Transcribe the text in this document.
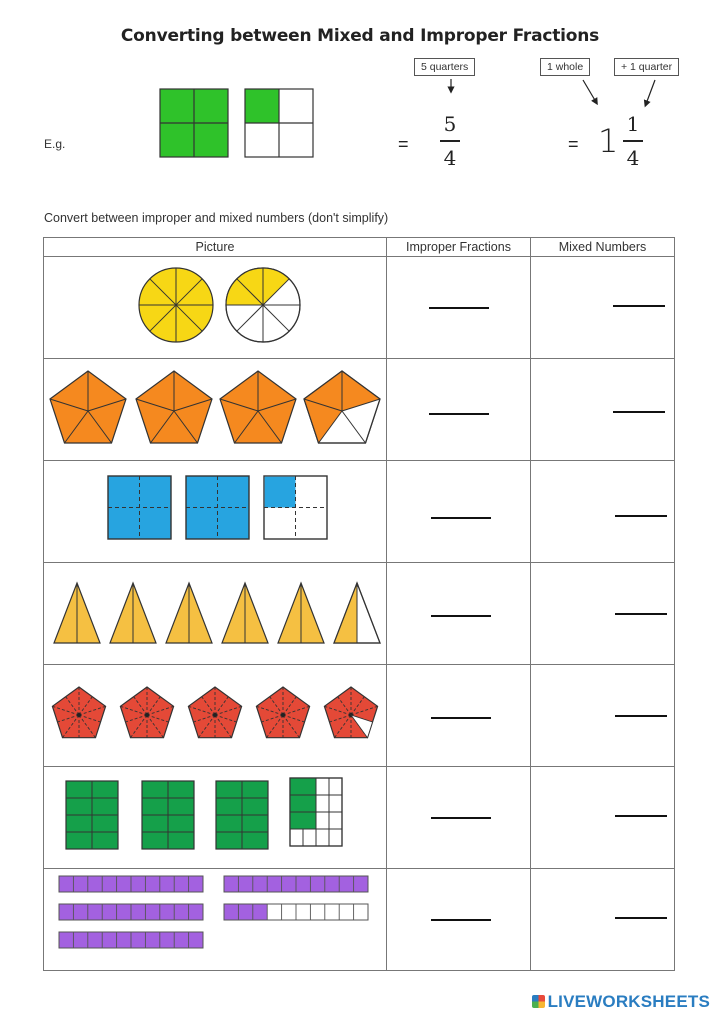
Converting between Mixed and Improper Fractions
E.g.
5 quarters	1 whole	+ 1 quarter
=
5
4
= 1 1
4
Convert between improper and mixed numbers (don't simplify)
Picture	Improper Fractions	Mixed Numbers

LIVEWORKSHEETS
